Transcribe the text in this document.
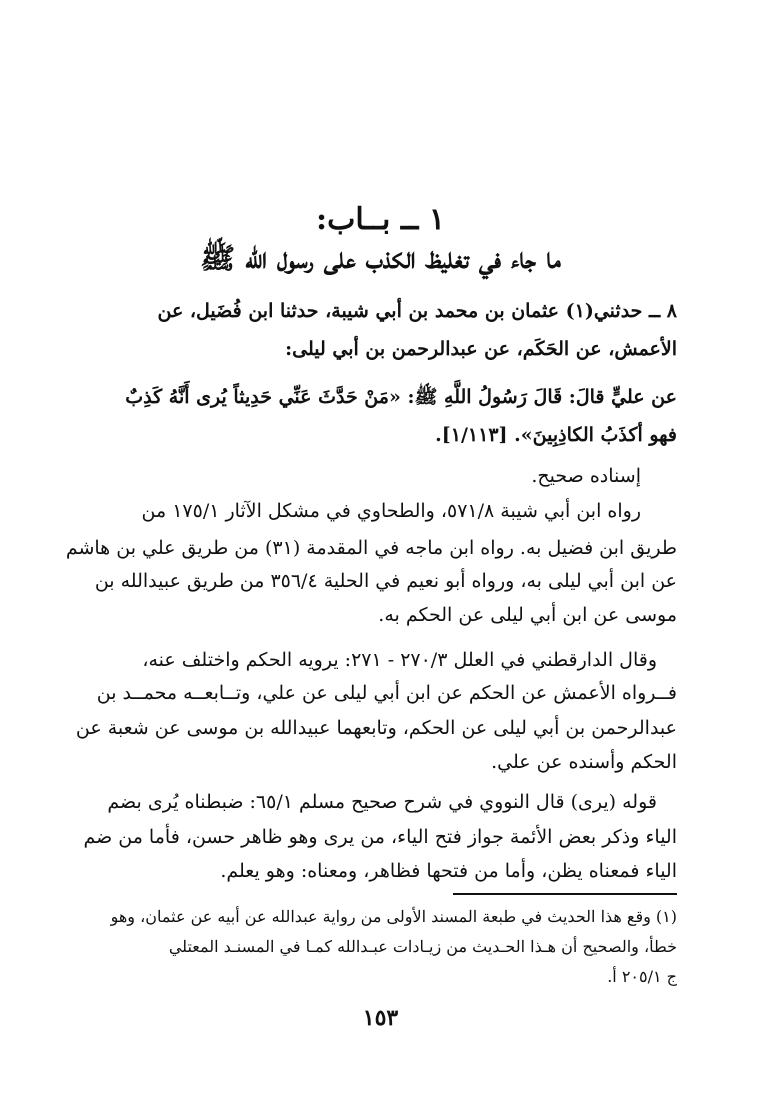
١ ــ بــاب:
ما جاء في تغليظ الكذب على رسول الله ﷺ
٨ ــ حدثني(١) عثمان بن محمد بن أبي شيبة، حدثنا ابن فُضَيل، عن
الأعمش، عن الحَكَم، عن عبدالرحمن بن أبي ليلى:
عن عليٍّ قالَ: قَالَ رَسُولُ اللَّهِ ﷺ: «مَنْ حَدَّثَ عَنِّي حَدِيثاً يُرى أَنَّهُ كَذِبٌ
فهو أكذَبُ الكاذِبِينَ». [١/١١٣].
إسناده صحيح.
رواه ابن أبي شيبة ٥٧١/٨، والطحاوي في مشكل الآثار ١٧٥/١ من
طريق ابن فضيل به. رواه ابن ماجه في المقدمة (٣١) من طريق علي بن هاشم
عن ابن أبي ليلى به، ورواه أبو نعيم في الحلية ٣٥٦/٤ من طريق عبيدالله بن
موسى عن ابن أبي ليلى عن الحكم به.
وقال الدارقطني في العلل ٢٧٠/٣ - ٢٧١: يرويه الحكم واختلف عنه،
فــرواه الأعمش عن الحكم عن ابن أبي ليلى عن علي، وتــابعــه محمــد بن
عبدالرحمن بن أبي ليلى عن الحكم، وتابعهما عبيدالله بن موسى عن شعبة عن
الحكم وأسنده عن علي.
قوله (يرى) قال النووي في شرح صحيح مسلم ٦٥/١: ضبطناه يُرى بضم
الياء وذكر بعض الأئمة جواز فتح الياء، من يرى وهو ظاهر حسن، فأما من ضم
الياء فمعناه يظن، وأما من فتحها فظاهر، ومعناه: وهو يعلم.
(١) وقع هذا الحديث في طبعة المسند الأولى من رواية عبدالله عن أبيه عن عثمان، وهو
خطأ، والصحيح أن هـذا الحـديث من زيـادات عبـدالله كمـا في المسنـد المعتلي
ج ٢٠٥/١ أ.
١٥٣
